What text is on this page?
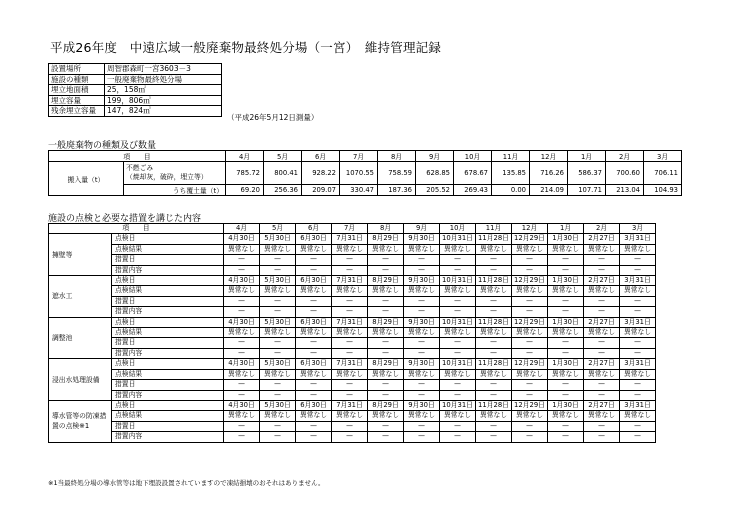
平成26年度　中遠広域一般廃棄物最終処分場（一宮）　維持管理記録
設置場所	周智郡森町一宮3603－3
施設の種類	一般廃棄物最終処分場
埋立地面積	25，158㎡
埋立容量	199，806㎥
残余埋立容量	147，824㎥
（平成26年5月12日測量）
一般廃棄物の種類及び数量
項　　目		4月	5月	6月	7月	8月	9月	10月	11月	12月	1月	2月	3月
搬入量（t）	不燃ごみ
（焼却灰，破砕，埋立等）	785.72	800.41	928.22	1070.55	758.59	628.85	678.67	135.85	716.26	586.37	700.60	706.11
	うち覆土量（t）	69.20	256.36	209.07	330.47	187.36	205.52	269.43	0.00	214.09	107.71	213.04	104.93
施設の点検と必要な措置を講じた内容
項　　目		4月	5月	6月	7月	8月	9月	10月	11月	12月	1月	2月	3月
擁壁等	点検日	4月30日	5月30日	6月30日	7月31日	8月29日	9月30日	10月31日	11月28日	12月29日	1月30日	2月27日	3月31日
	点検結果	異常なし	異常なし	異常なし	異常なし	異常なし	異常なし	異常なし	異常なし	異常なし	異常なし	異常なし	異常なし
	措置日	—	—	—	—	—	—	—	—	—	—	—	—
	措置内容	—	—	—	—	—	—	—	—	—	—	—	—
遮水工	点検日	4月30日	5月30日	6月30日	7月31日	8月29日	9月30日	10月31日	11月28日	12月29日	1月30日	2月27日	3月31日
	点検結果	異常なし	異常なし	異常なし	異常なし	異常なし	異常なし	異常なし	異常なし	異常なし	異常なし	異常なし	異常なし
	措置日	—	—	—	—	—	—	—	—	—	—	—	—
	措置内容	—	—	—	—	—	—	—	—	—	—	—	—
調整池	点検日	4月30日	5月30日	6月30日	7月31日	8月29日	9月30日	10月31日	11月28日	12月29日	1月30日	2月27日	3月31日
	点検結果	異常なし	異常なし	異常なし	異常なし	異常なし	異常なし	異常なし	異常なし	異常なし	異常なし	異常なし	異常なし
	措置日	—	—	—	—	—	—	—	—	—	—	—	—
	措置内容	—	—	—	—	—	—	—	—	—	—	—	—
浸出水処理設備	点検日	4月30日	5月30日	6月30日	7月31日	8月29日	9月30日	10月31日	11月28日	12月29日	1月30日	2月27日	3月31日
	点検結果	異常なし	異常なし	異常なし	異常なし	異常なし	異常なし	異常なし	異常なし	異常なし	異常なし	異常なし	異常なし
	措置日	—	—	—	—	—	—	—	—	—	—	—	—
	措置内容	—	—	—	—	—	—	—	—	—	—	—	—
導水管等の防凍措置の点検※1	点検日	4月30日	5月30日	6月30日	7月31日	8月29日	9月30日	10月31日	11月28日	12月29日	1月30日	2月27日	3月31日
	点検結果	異常なし	異常なし	異常なし	異常なし	異常なし	異常なし	異常なし	異常なし	異常なし	異常なし	異常なし	異常なし
	措置日	—	—	—	—	—	—	—	—	—	—	—	—
	措置内容	—	—	—	—	—	—	—	—	—	—	—	—
※1当最終処分場の導水管等は地下埋設設置されていますので凍結損壊のおそれはありません。
